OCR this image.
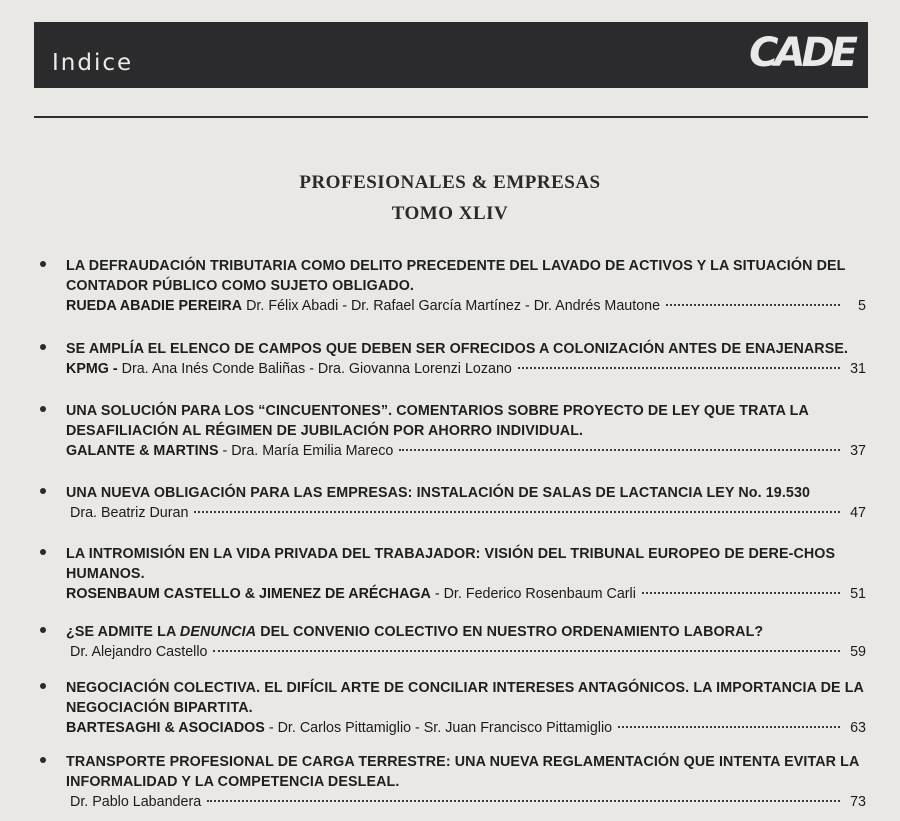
Indice	CADE
PROFESIONALES & EMPRESAS
TOMO XLIV
LA DEFRAUDACIÓN TRIBUTARIA COMO DELITO PRECEDENTE DEL LAVADO DE ACTIVOS Y LA SITUACIÓN DEL CONTADOR PÚBLICO COMO SUJETO OBLIGADO.
RUEDA ABADIE PEREIRA Dr. Félix Abadi - Dr. Rafael García Martínez - Dr. Andrés Mautone	5
SE AMPLÍA EL ELENCO DE CAMPOS QUE DEBEN SER OFRECIDOS A COLONIZACIÓN ANTES DE ENAJENARSE.
KPMG - Dra. Ana Inés Conde Baliñas - Dra. Giovanna Lorenzi Lozano	31
UNA SOLUCIÓN PARA LOS “CINCUENTONES”. COMENTARIOS SOBRE PROYECTO DE LEY QUE TRATA LA DESAFILIACIÓN AL RÉGIMEN DE JUBILACIÓN POR AHORRO INDIVIDUAL.
GALANTE & MARTINS - Dra. María Emilia Mareco	37
UNA NUEVA OBLIGACIÓN PARA LAS EMPRESAS: INSTALACIÓN DE SALAS DE LACTANCIA LEY No. 19.530
Dra. Beatriz Duran	47
LA INTROMISIÓN EN LA VIDA PRIVADA DEL TRABAJADOR: VISIÓN DEL TRIBUNAL EUROPEO DE DERE-CHOS HUMANOS.
ROSENBAUM CASTELLO & JIMENEZ DE ARÉCHAGA - Dr. Federico Rosenbaum Carli	51
¿SE ADMITE LA DENUNCIA DEL CONVENIO COLECTIVO EN NUESTRO ORDENAMIENTO LABORAL?
Dr. Alejandro Castello	59
NEGOCIACIÓN COLECTIVA. EL DIFÍCIL ARTE DE CONCILIAR INTERESES ANTAGÓNICOS. LA IMPORTANCIA DE LA NEGOCIACIÓN BIPARTITA.
BARTESAGHI & ASOCIADOS - Dr. Carlos Pittamiglio - Sr. Juan Francisco Pittamiglio	63
TRANSPORTE PROFESIONAL DE CARGA TERRESTRE: UNA NUEVA REGLAMENTACIÓN QUE INTENTA EVITAR LA INFORMALIDAD Y LA COMPETENCIA DESLEAL.
Dr. Pablo Labandera	73
